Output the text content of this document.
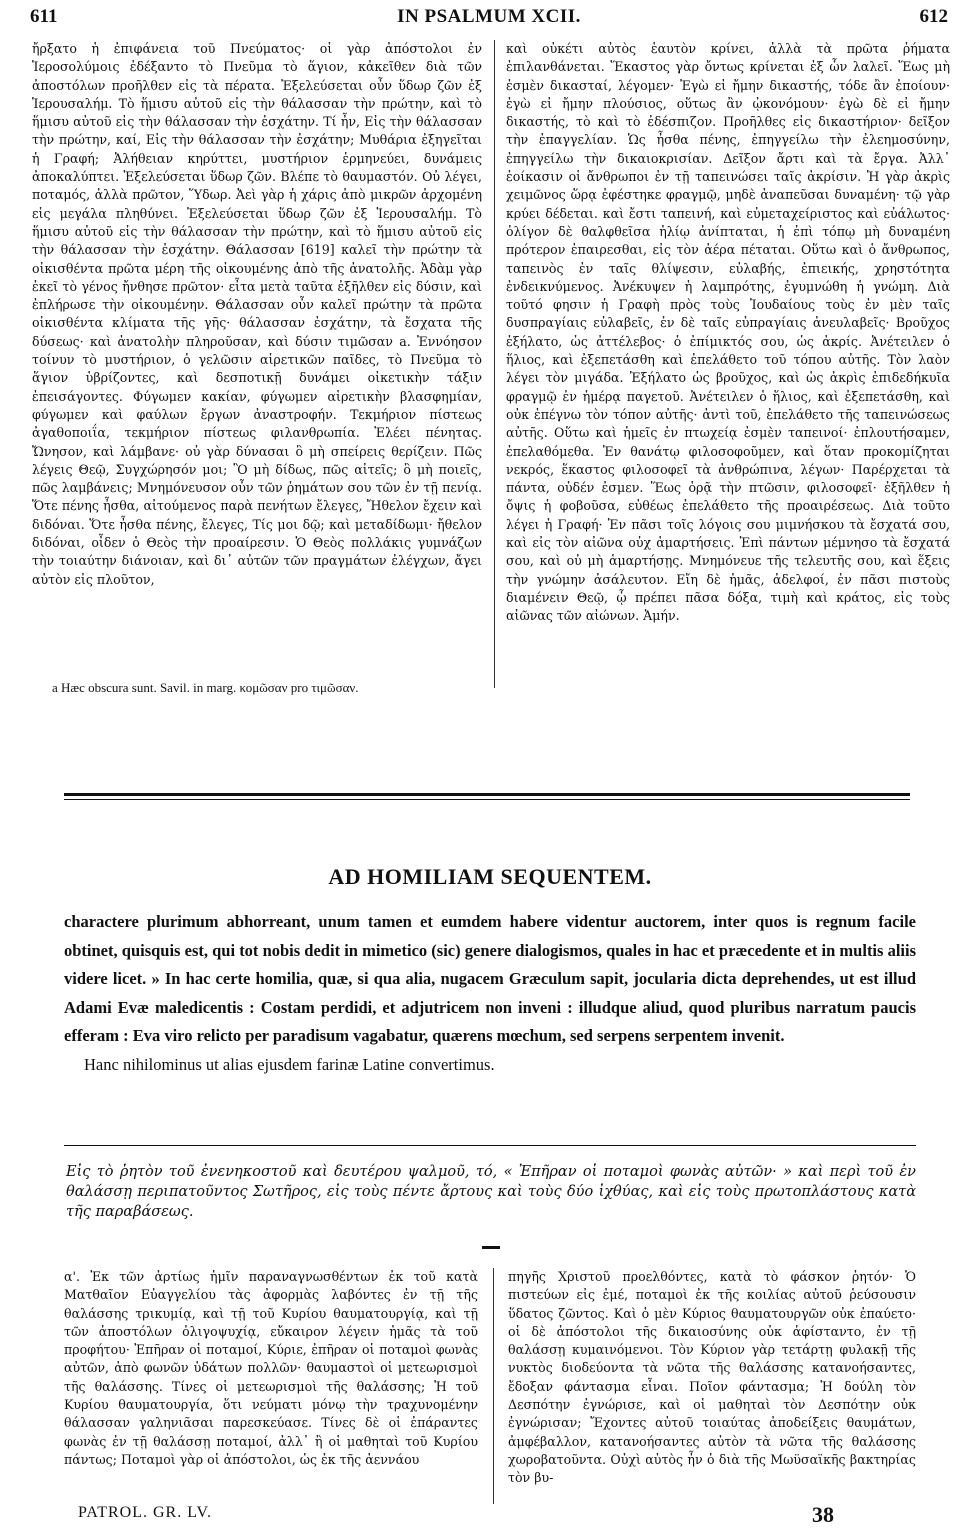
611	IN PSALMUM XCII.	612

ἤρξατο ἡ ἐπιφάνεια τοῦ Πνεύματος· οἱ γὰρ ἀπόστολοι ἐν Ἱεροσολύμοις ἐδέξαντο τὸ Πνεῦμα τὸ ἅγιον, κἀκεῖθεν διὰ τῶν ἀποστόλων προῆλθεν εἰς τὰ πέρατα. Ἐξελεύσεται οὖν ὕδωρ ζῶν ἐξ Ἱερουσαλήμ. Τὸ ἥμισυ αὐτοῦ εἰς τὴν θάλασσαν τὴν πρώτην, καὶ τὸ ἥμισυ αὐτοῦ εἰς τὴν θάλασσαν τὴν ἐσχάτην. Τί ἦν, Εἰς τὴν θάλασσαν τὴν πρώτην, καί, Εἰς τὴν θάλασσαν τὴν ἐσχάτην; Μυθάρια ἐξηγεῖται ἡ Γραφή; Ἀλήθειαν κηρύττει, μυστήριον ἑρμηνεύει, δυνάμεις ἀποκαλύπτει. Ἐξελεύσεται ὕδωρ ζῶν. Βλέπε τὸ θαυμαστόν. Οὐ λέγει, ποταμός, ἀλλὰ πρῶτον, Ὕδωρ. Ἀεὶ γὰρ ἡ χάρις ἀπὸ μικρῶν ἀρχομένη εἰς μεγάλα πληθύνει. Ἐξελεύσεται ὕδωρ ζῶν ἐξ Ἱερουσαλήμ. Τὸ ἥμισυ αὐτοῦ εἰς τὴν θάλασσαν τὴν πρώτην, καὶ τὸ ἥμισυ αὐτοῦ εἰς τὴν θάλασσαν τὴν ἐσχάτην. Θάλασσαν [619] καλεῖ τὴν πρώτην τὰ οἰκισθέντα πρῶτα μέρη τῆς οἰκουμένης ἀπὸ τῆς ἀνατολῆς. Ἀδὰμ γὰρ ἐκεῖ τὸ γένος ἤνθησε πρῶτον· εἶτα μετὰ ταῦτα ἐξῆλθεν εἰς δύσιν, καὶ ἐπλήρωσε τὴν οἰκουμένην. Θάλασσαν οὖν καλεῖ πρώτην τὰ πρῶτα οἰκισθέντα κλίματα τῆς γῆς· θάλασσαν ἐσχάτην, τὰ ἔσχατα τῆς δύσεως· καὶ ἀνατολὴν πληροῦσαν, καὶ δύσιν τιμῶσαν a. Ἐννόησον τοίνυν τὸ μυστήριον, ὁ γελῶσιν αἱρετικῶν παῖδες, τὸ Πνεῦμα τὸ ἅγιον ὑβρίζοντες, καὶ δεσποτικῇ δυνάμει οἰκετικὴν τάξιν ἐπεισάγοντες. Φύγωμεν κακίαν, φύγωμεν αἱρετικὴν βλασφημίαν, φύγωμεν καὶ φαύλων ἔργων ἀναστροφήν. Τεκμήριον πίστεως ἀγαθοποιΐα, τεκμήριον πίστεως φιλανθρωπία. Ἐλέει πένητας. Ὤνησον, καὶ λάμβανε· οὐ γὰρ δύνασαι ὃ μὴ σπείρεις θερίζειν. Πῶς λέγεις Θεῷ, Συγχώρησόν μοι; Ὃ μὴ δίδως, πῶς αἰτεῖς; ὃ μὴ ποιεῖς, πῶς λαμβάνεις; Μνημόνευσον οὖν τῶν ῥημάτων σου τῶν ἐν τῇ πενίᾳ. Ὅτε πένης ἦσθα, αἰτούμενος παρὰ πενήτων ἔλεγες, Ἤθελον ἔχειν καὶ διδόναι. Ὅτε ἦσθα πένης, ἔλεγες, Τίς μοι δῷ; καὶ μεταδίδωμι· ἤθελον διδόναι, οἶδεν ὁ Θεὸς τὴν προαίρεσιν. Ὁ Θεὸς πολλάκις γυμνάζων τὴν τοιαύτην διάνοιαν, καὶ δι᾽ αὐτῶν τῶν πραγμάτων ἐλέγχων, ἄγει αὐτὸν εἰς πλοῦτον,

καὶ οὐκέτι αὐτὸς ἑαυτὸν κρίνει, ἀλλὰ τὰ πρῶτα ῥήματα ἐπιλανθάνεται. Ἕκαστος γὰρ ὄντως κρίνεται ἐξ ὧν λαλεῖ. Ἕως μὴ ἐσμὲν δικασταί, λέγομεν· Ἐγὼ εἰ ἤμην δικαστής, τόδε ἂν ἐποίουν· ἐγὼ εἰ ἤμην πλούσιος, οὕτως ἂν ᾠκονόμουν· ἐγὼ δὲ εἰ ἤμην δικαστής, τὸ καὶ τὸ ἐδέσπιζον. Προῆλθες εἰς δικαστήριον· δεῖξον τὴν ἐπαγγελίαν. Ὡς ἦσθα πένης, ἐπηγγείλω τὴν ἐλεημοσύνην, ἐπηγγείλω τὴν δικαιοκρισίαν. Δεῖξον ἄρτι καὶ τὰ ἔργα. Ἀλλ᾽ ἐοίκασιν οἱ ἄνθρωποι ἐν τῇ ταπεινώσει ταῖς ἀκρίσιν. Ἡ γὰρ ἀκρὶς χειμῶνος ὥρᾳ ἐφέστηκε φραγμῷ, μηδὲ ἀναπεῦσαι δυναμένη· τῷ γὰρ κρύει δέδεται. καὶ ἔστι ταπεινή, καὶ εὐμεταχείριστος καὶ εὐάλωτος· ὀλίγον δὲ θαλφθεῖσα ἡλίῳ ἀνίπταται, ἡ ἐπὶ τόπῳ μὴ δυναμένη πρότερον ἐπαιρεσθαι, εἰς τὸν ἀέρα πέταται. Οὕτω καὶ ὁ ἄνθρωπος, ταπεινὸς ἐν ταῖς θλίψεσιν, εὐλαβής, ἐπιεικής, χρηστότητα ἐνδεικνύμενος. Ἀνέκυψεν ἡ λαμπρότης, ἐγυμνώθη ἡ γνώμη. Διὰ τοῦτό φησιν ἡ Γραφὴ πρὸς τοὺς Ἰουδαίους τοὺς ἐν μὲν ταῖς δυσπραγίαις εὐλαβεῖς, ἐν δὲ ταῖς εὐπραγίαις ἀνευλαβεῖς· Βροῦχος ἐξήλατο, ὡς ἀττέλεβος· ὁ ἐπίμικτός σου, ὡς ἀκρίς. Ἀνέτειλεν ὁ ἥλιος, καὶ ἐξεπετάσθη καὶ ἐπελάθετο τοῦ τόπου αὐτῆς. Τὸν λαὸν λέγει τὸν μιγάδα. Ἐξήλατο ὡς βροῦχος, καὶ ὡς ἀκρὶς ἐπιδεδήκυῖα φραγμῷ ἐν ἡμέρᾳ παγετοῦ. Ἀνέτειλεν ὁ ἥλιος, καὶ ἐξεπετάσθη, καὶ οὐκ ἐπέγνω τὸν τόπον αὐτῆς· ἀντὶ τοῦ, ἐπελάθετο τῆς ταπεινώσεως αὐτῆς. Οὕτω καὶ ἡμεῖς ἐν πτωχείᾳ ἐσμὲν ταπεινοί· ἐπλουτήσαμεν, ἐπελαθόμεθα. Ἐν θανάτῳ φιλοσοφοῦμεν, καὶ ὅταν προκομίζηται νεκρός, ἕκαστος φιλοσοφεῖ τὰ ἀνθρώπινα, λέγων· Παρέρχεται τὰ πάντα, οὐδέν ἐσμεν. Ἕως ὁρᾷ τὴν πτῶσιν, φιλοσοφεῖ· ἐξῆλθεν ἡ ὄψις ἡ φοβοῦσα, εὐθέως ἐπελάθετο τῆς προαιρέσεως. Διὰ τοῦτο λέγει ἡ Γραφή· Ἐν πᾶσι τοῖς λόγοις σου μιμνήσκου τὰ ἔσχατά σου, καὶ εἰς τὸν αἰῶνα οὐχ ἁμαρτήσεις. Ἐπὶ πάντων μέμνησο τὰ ἔσχατά σου, καὶ οὐ μὴ ἁμαρτήσῃς. Μνημόνευε τῆς τελευτῆς σου, καὶ ἕξεις τὴν γνώμην ἀσάλευτον. Εἴη δὲ ἡμᾶς, ἀδελφοί, ἐν πᾶσι πιστοὺς διαμένειν Θεῷ, ᾧ πρέπει πᾶσα δόξα, τιμὴ καὶ κράτος, εἰς τοὺς αἰῶνας τῶν αἰώνων. Ἀμήν.

a Hæc obscura sunt. Savil. in marg. κομῶσαν pro τιμῶσαν.
AD HOMILIAM SEQUENTEM.

charactere plurimum abhorreant, unum tamen et eumdem habere videntur auctorem, inter quos is regnum facile obtinet, quisquis est, qui tot nobis dedit in mimetico (sic) genere dialogismos, quales in hac et præcedente et in multis aliis videre licet. » In hac certe homilia, quæ, si qua alia, nugacem Græculum sapit, jocularia dicta deprehendes, ut est illud Adami Evæ maledicentis : Costam perdidi, et adjutricem non inveni : illudque aliud, quod pluribus narratum paucis efferam : Eva viro relicto per paradisum vagabatur, quærens mœchum, sed serpens serpentem invenit.

Hanc nihilominus ut alias ejusdem farinæ Latine convertimus.

Εἰς τὸ ῥητὸν τοῦ ἐνενηκοστοῦ καὶ δευτέρου ψαλμοῦ, τό, « Ἐπῆραν οἱ ποταμοὶ φωνὰς αὐτῶν· » καὶ περὶ τοῦ ἐν θαλάσσῃ περιπατοῦντος Σωτῆρος, εἰς τοὺς πέντε ἄρτους καὶ τοὺς δύο ἰχθύας, καὶ εἰς τοὺς πρωτοπλάστους κατὰ τῆς παραβάσεως.

α'. Ἐκ τῶν ἀρτίως ἡμῖν παραναγνωσθέντων ἐκ τοῦ κατὰ Ματθαῖον Εὐαγγελίου τὰς ἀφορμὰς λαβόντες ἐν τῇ τῆς θαλάσσης τρικυμίᾳ, καὶ τῇ τοῦ Κυρίου θαυματουργίᾳ, καὶ τῇ τῶν ἀποστόλων ὀλιγοψυχίᾳ, εὔκαιρον λέγειν ἡμᾶς τὰ τοῦ προφήτου· Ἐπῆραν οἱ ποταμοί, Κύριε, ἐπῆραν οἱ ποταμοὶ φωνὰς αὐτῶν, ἀπὸ φωνῶν ὑδάτων πολλῶν· θαυμαστοὶ οἱ μετεωρισμοὶ τῆς θαλάσσης. Τίνες οἱ μετεωρισμοὶ τῆς θαλάσσης; Ἡ τοῦ Κυρίου θαυματουργία, ὅτι νεύματι μόνῳ τὴν τραχυνομένην θάλασσαν γαληνιᾶσαι παρεσκεύασε. Τίνες δὲ οἱ ἐπάραντες φωνὰς ἐν τῇ θαλάσσῃ ποταμοί, ἀλλ᾽ ἢ οἱ μαθηταὶ τοῦ Κυρίου πάντως; Ποταμοὶ γὰρ οἱ ἀπόστολοι, ὡς ἐκ τῆς ἀεννάου

πηγῆς Χριστοῦ προελθόντες, κατὰ τὸ φάσκον ῥητόν· Ὁ πιστεύων εἰς ἐμέ, ποταμοὶ ἐκ τῆς κοιλίας αὐτοῦ ῥεύσουσιν ὕδατος ζῶντος. Καὶ ὁ μὲν Κύριος θαυματουργῶν οὐκ ἐπαύετο· οἱ δὲ ἀπόστολοι τῆς δικαιοσύνης οὐκ ἀφίσταντο, ἐν τῇ θαλάσσῃ κυμαινόμενοι. Τὸν Κύριον γὰρ τετάρτῃ φυλακῇ τῆς νυκτὸς διοδεύοντα τὰ νῶτα τῆς θαλάσσης κατανοήσαντες, ἔδοξαν φάντασμα εἶναι. Ποῖον φάντασμα; Ἡ δούλη τὸν Δεσπότην ἐγνώρισε, καὶ οἱ μαθηταὶ τὸν Δεσπότην οὐκ ἐγνώρισαν; Ἔχοντες αὐτοῦ τοιαύτας ἀποδείξεις θαυμάτων, ἀμφέβαλλον, κατανοήσαντες αὐτὸν τὰ νῶτα τῆς θαλάσσης χωροβατοῦντα. Οὐχὶ αὐτὸς ἦν ὁ διὰ τῆς Μωϋσαϊκῆς βακτηρίας τὸν βυ-

PATROL. GR. LV.	38
